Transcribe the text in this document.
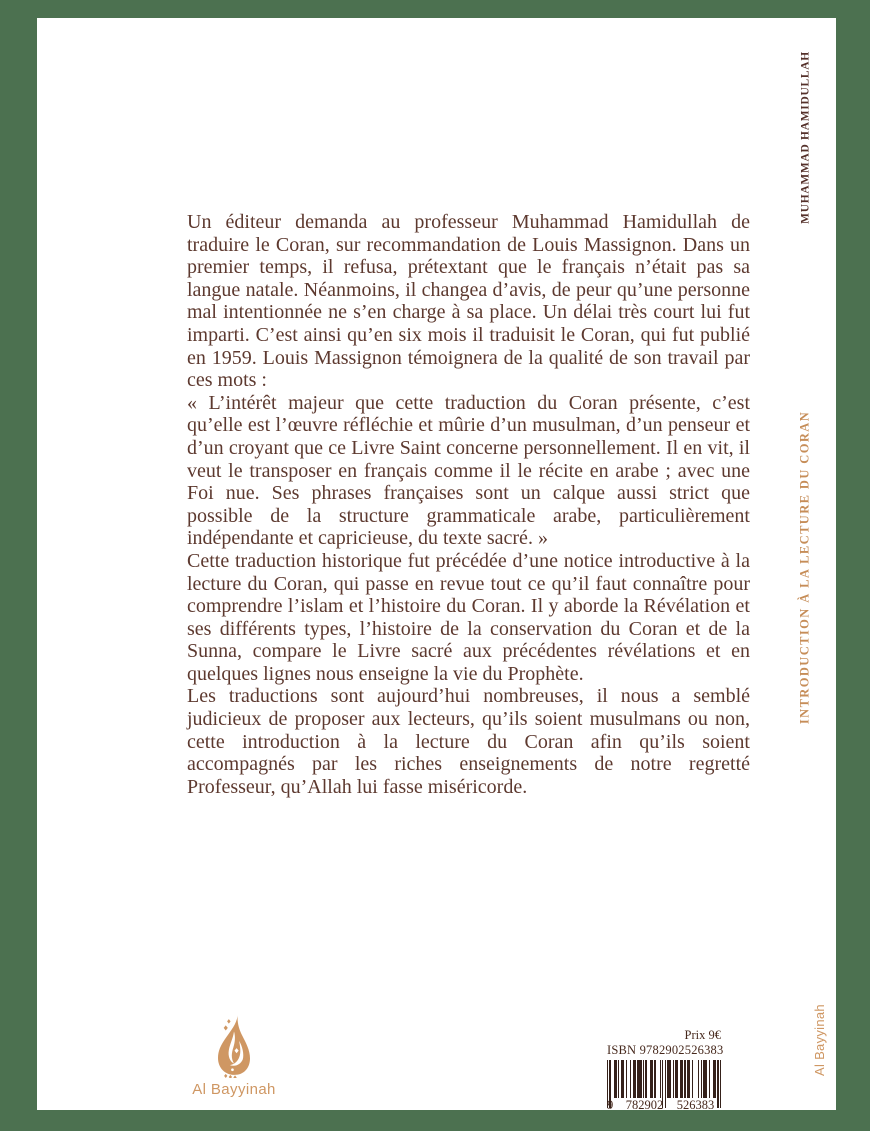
Un éditeur demanda au professeur Muhammad Hamidullah de traduire le Coran, sur recommandation de Louis Massignon. Dans un premier temps, il refusa, prétextant que le français n’était pas sa langue natale. Néanmoins, il changea d’avis, de peur qu’une personne mal intentionnée ne s’en charge à sa place. Un délai très court lui fut imparti. C’est ainsi qu’en six mois il traduisit le Coran, qui fut publié en 1959. Louis Massignon témoignera de la qualité de son travail par ces mots :

« L’intérêt majeur que cette traduction du Coran présente, c’est qu’elle est l’œuvre réfléchie et mûrie d’un musulman, d’un penseur et d’un croyant que ce Livre Saint concerne personnellement. Il en vit, il veut le transposer en français comme il le récite en arabe ; avec une Foi nue. Ses phrases françaises sont un calque aussi strict que possible de la structure grammaticale arabe, particulièrement indépendante et capricieuse, du texte sacré. »

Cette traduction historique fut précédée d’une notice introductive à la lecture du Coran, qui passe en revue tout ce qu’il faut connaître pour comprendre l’islam et l’histoire du Coran. Il y aborde la Révélation et ses différents types, l’histoire de la conservation du Coran et de la Sunna, compare le Livre sacré aux précédentes révélations et en quelques lignes nous enseigne la vie du Prophète.

Les traductions sont aujourd’hui nombreuses, il nous a semblé judicieux de proposer aux lecteurs, qu’ils soient musulmans ou non, cette introduction à la lecture du Coran afin qu’ils soient accompagnés par les riches enseignements de notre regretté Professeur, qu’Allah lui fasse miséricorde.

Al Bayyinah
Prix 9€
ISBN 9782902526383
9	782902	526383
MUHAMMAD HAMIDULLAH
INTRODUCTION À LA LECTURE DU CORAN
Al Bayyinah
